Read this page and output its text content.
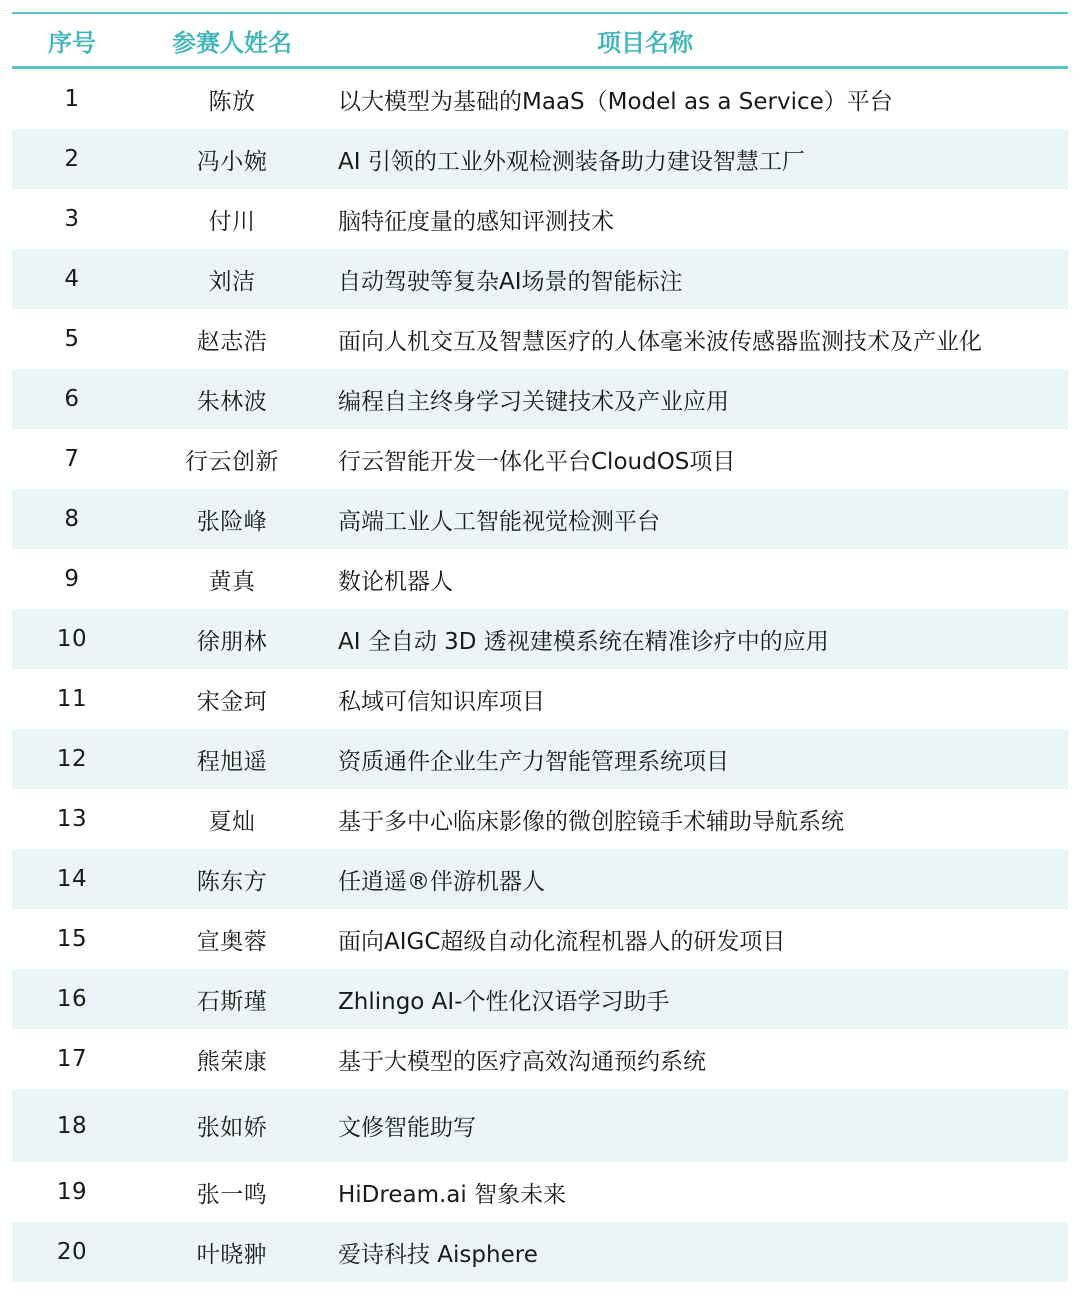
序号	参赛人姓名	项目名称
1	陈放	以大模型为基础的MaaS（Model as a Service）平台
2	冯小婉	AI 引领的工业外观检测装备助力建设智慧工厂
3	付川	脑特征度量的感知评测技术
4	刘洁	自动驾驶等复杂AI场景的智能标注
5	赵志浩	面向人机交互及智慧医疗的人体毫米波传感器监测技术及产业化
6	朱林波	编程自主终身学习关键技术及产业应用
7	行云创新	行云智能开发一体化平台CloudOS项目
8	张险峰	高端工业人工智能视觉检测平台
9	黄真	数论机器人
10	徐朋林	AI 全自动 3D 透视建模系统在精准诊疗中的应用
11	宋金珂	私域可信知识库项目
12	程旭遥	资质通件企业生产力智能管理系统项目
13	夏灿	基于多中心临床影像的微创腔镜手术辅助导航系统
14	陈东方	任逍遥®伴游机器人
15	宣奥蓉	面向AIGC超级自动化流程机器人的研发项目
16	石斯瑾	Zhlingo AI-个性化汉语学习助手
17	熊荣康	基于大模型的医疗高效沟通预约系统
18	张如娇	文修智能助写
19	张一鸣	HiDream.ai 智象未来
20	叶晓翀	爱诗科技 Aisphere
